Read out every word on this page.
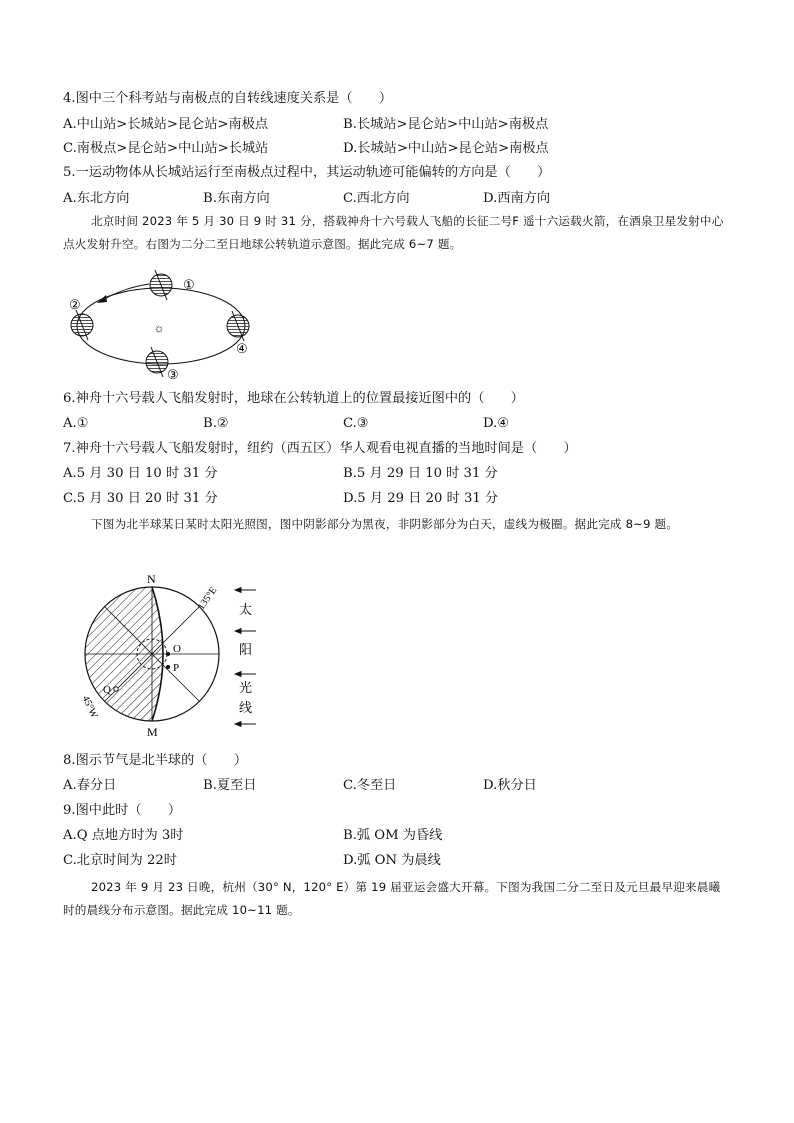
4.图中三个科考站与南极点的自转线速度关系是（　　）
A.中山站>长城站>昆仑站>南极点	B.长城站>昆仑站>中山站>南极点
C.南极点>昆仑站>中山站>长城站	D.长城站>中山站>昆仑站>南极点
5.一运动物体从长城站运行至南极点过程中，其运动轨迹可能偏转的方向是（　　）
A.东北方向	B.东南方向	C.西北方向	D.西南方向
北京时间 2023 年 5 月 30 日 9 时 31 分，搭载神舟十六号载人飞船的长征二号F 遥十六运载火箭，在酒泉卫星发射中心点火发射升空。右图为二分二至日地球公转轨道示意图。据此完成 6~7 题。
☼
①
②
③
④
6.神舟十六号载人飞船发射时，地球在公转轨道上的位置最接近图中的（　　）
A.①	B.②	C.③	D.④
7.神舟十六号载人飞船发射时，纽约（西五区）华人观看电视直播的当地时间是（　　）
A.5 月 30 日 10 时 31 分	B.5 月 29 日 10 时 31 分
C.5 月 30 日 20 时 31 分	D.5 月 29 日 20 时 31 分
下图为北半球某日某时太阳光照图，图中阴影部分为黑夜，非阴影部分为白天，虚线为极圈。据此完成 8~9 题。
N
M
O
P
Q
135°E
45°W
太
阳
光
线
8.图示节气是北半球的（　　）
A.春分日	B.夏至日	C.冬至日	D.秋分日
9.图中此时（　　）
A.Q 点地方时为 3时	B.弧 OM 为昏线
C.北京时间为 22时	D.弧 ON 为晨线
2023 年 9 月 23 日晚，杭州（30° N，120° E）第 19 届亚运会盛大开幕。下图为我国二分二至日及元旦最早迎来晨曦时的晨线分布示意图。据此完成 10~11 题。
